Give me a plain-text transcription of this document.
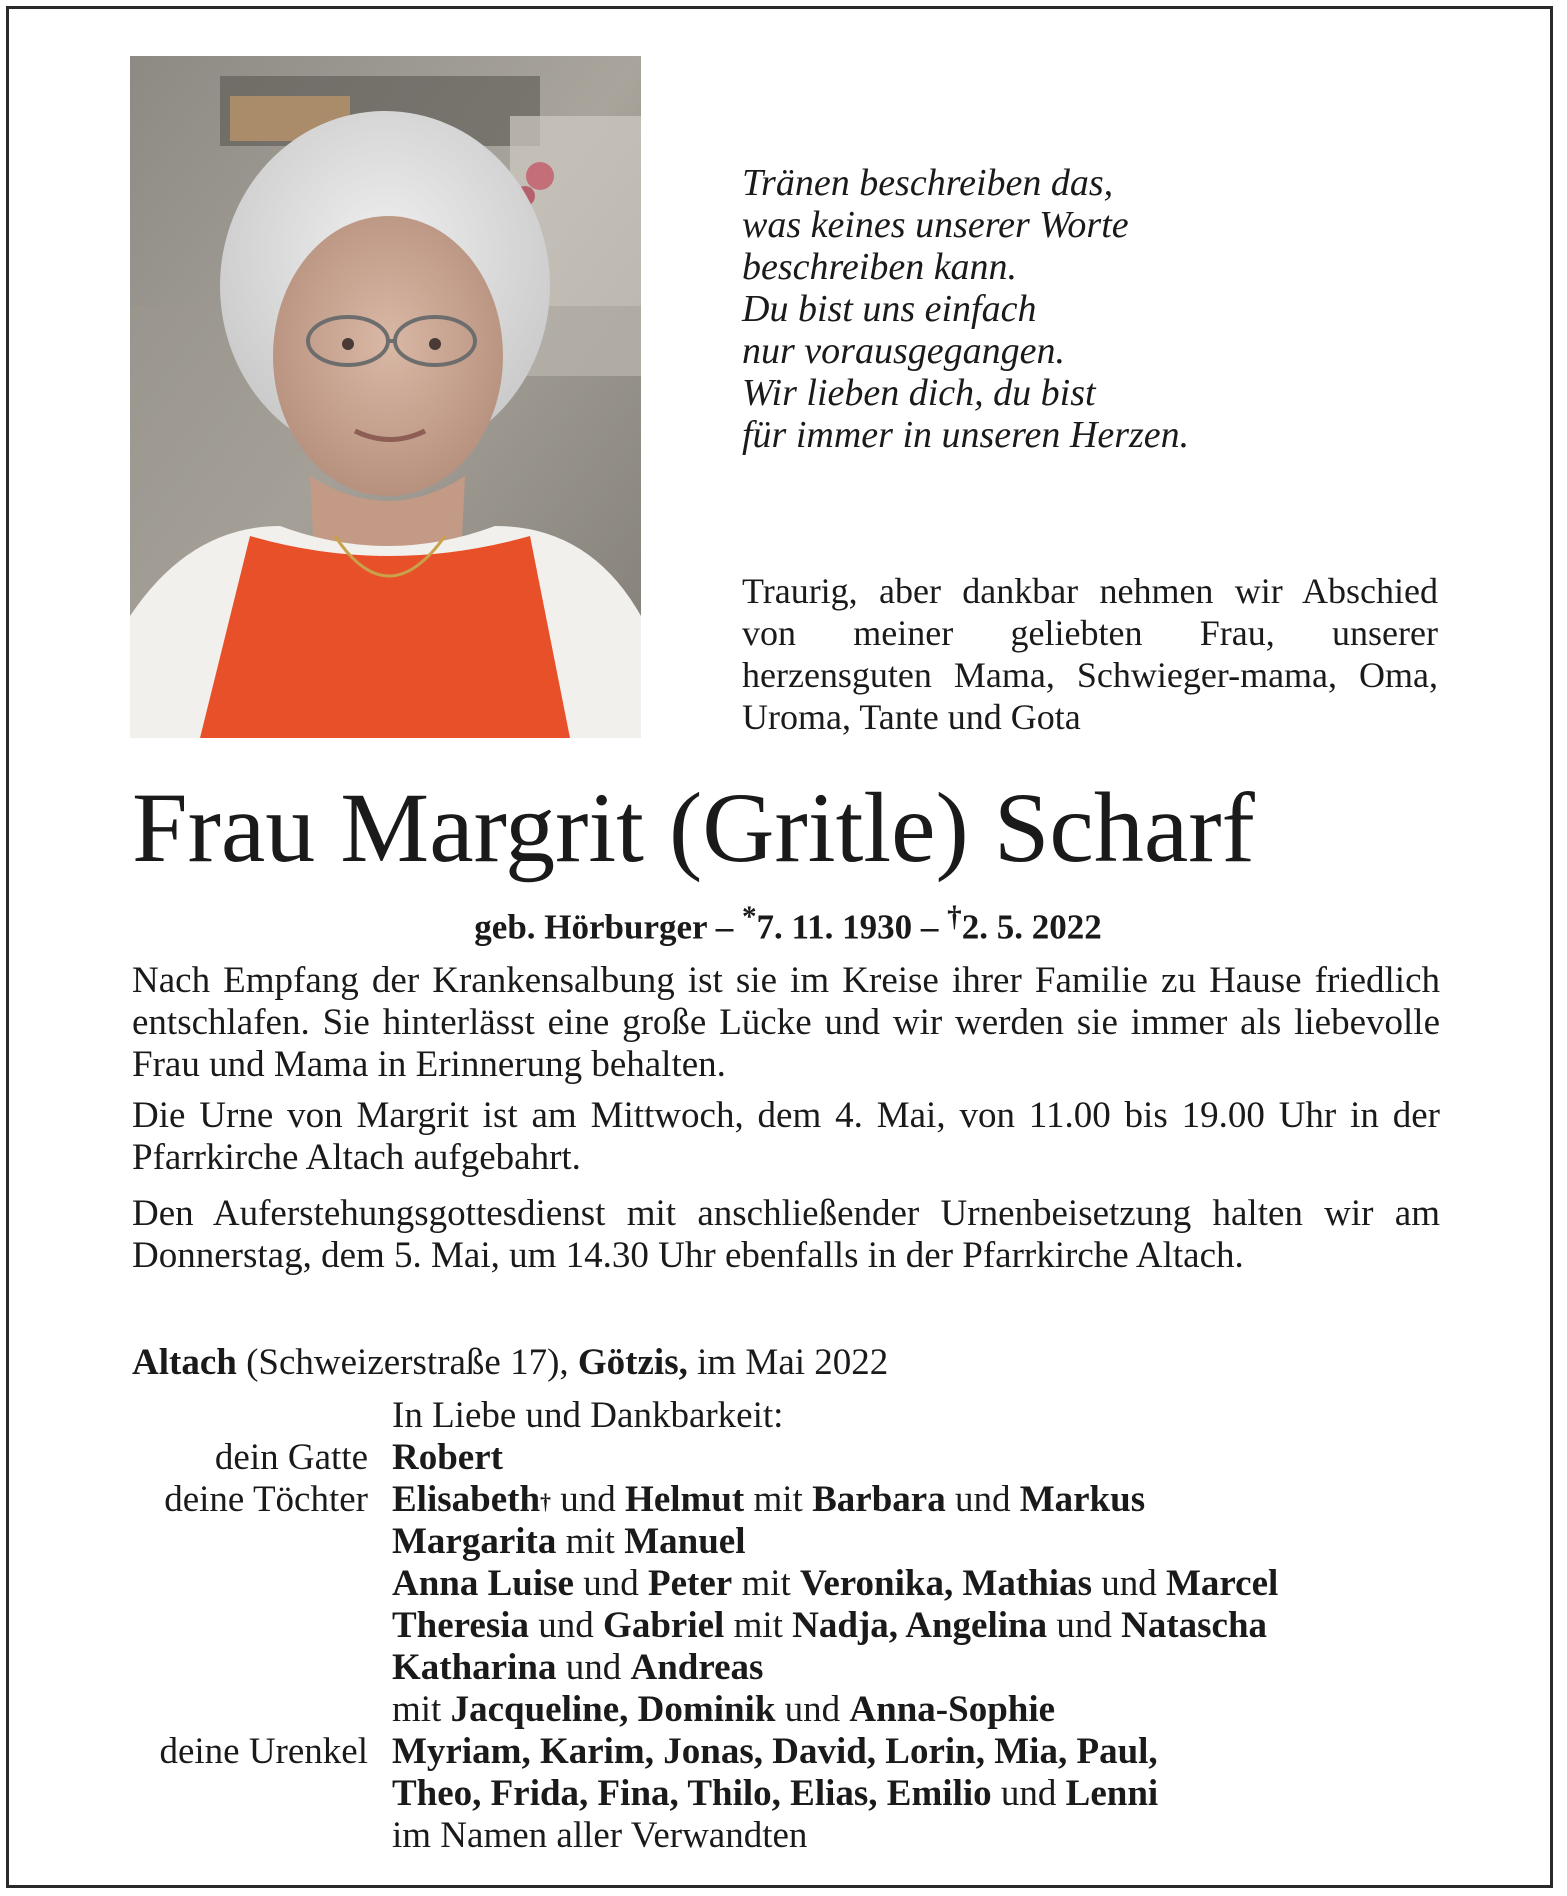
Tränen beschreiben das,
was keines unserer Worte
beschreiben kann.
Du bist uns einfach
nur vorausgegangen.
Wir lieben dich, du bist
für immer in unseren Herzen.

Traurig, aber dankbar nehmen wir Abschied von meiner geliebten Frau, unserer herzensguten Mama, Schwieger-mama, Oma, Uroma, Tante und Gota

Frau Margrit (Gritle) Scharf

geb. Hörburger – *7. 11. 1930 – †2. 5. 2022

Nach Empfang der Krankensalbung ist sie im Kreise ihrer Familie zu Hause friedlich entschlafen. Sie hinterlässt eine große Lücke und wir werden sie immer als liebevolle Frau und Mama in Erinnerung behalten.

Die Urne von Margrit ist am Mittwoch, dem 4. Mai, von 11.00 bis 19.00 Uhr in der Pfarrkirche Altach aufgebahrt.

Den Auferstehungsgottesdienst mit anschließender Urnenbeisetzung halten wir am Donnerstag, dem 5. Mai, um 14.30 Uhr ebenfalls in der Pfarrkirche Altach.

Altach (Schweizerstraße 17), Götzis, im Mai 2022

In Liebe und Dankbarkeit:
dein Gatte Robert
deine Töchter Elisabeth† und Helmut mit Barbara und Markus
Margarita mit Manuel
Anna Luise und Peter mit Veronika, Mathias und Marcel
Theresia und Gabriel mit Nadja, Angelina und Natascha
Katharina und Andreas
mit Jacqueline, Dominik und Anna-Sophie
deine Urenkel Myriam, Karim, Jonas, David, Lorin, Mia, Paul,
Theo, Frida, Fina, Thilo, Elias, Emilio und Lenni
im Namen aller Verwandten
